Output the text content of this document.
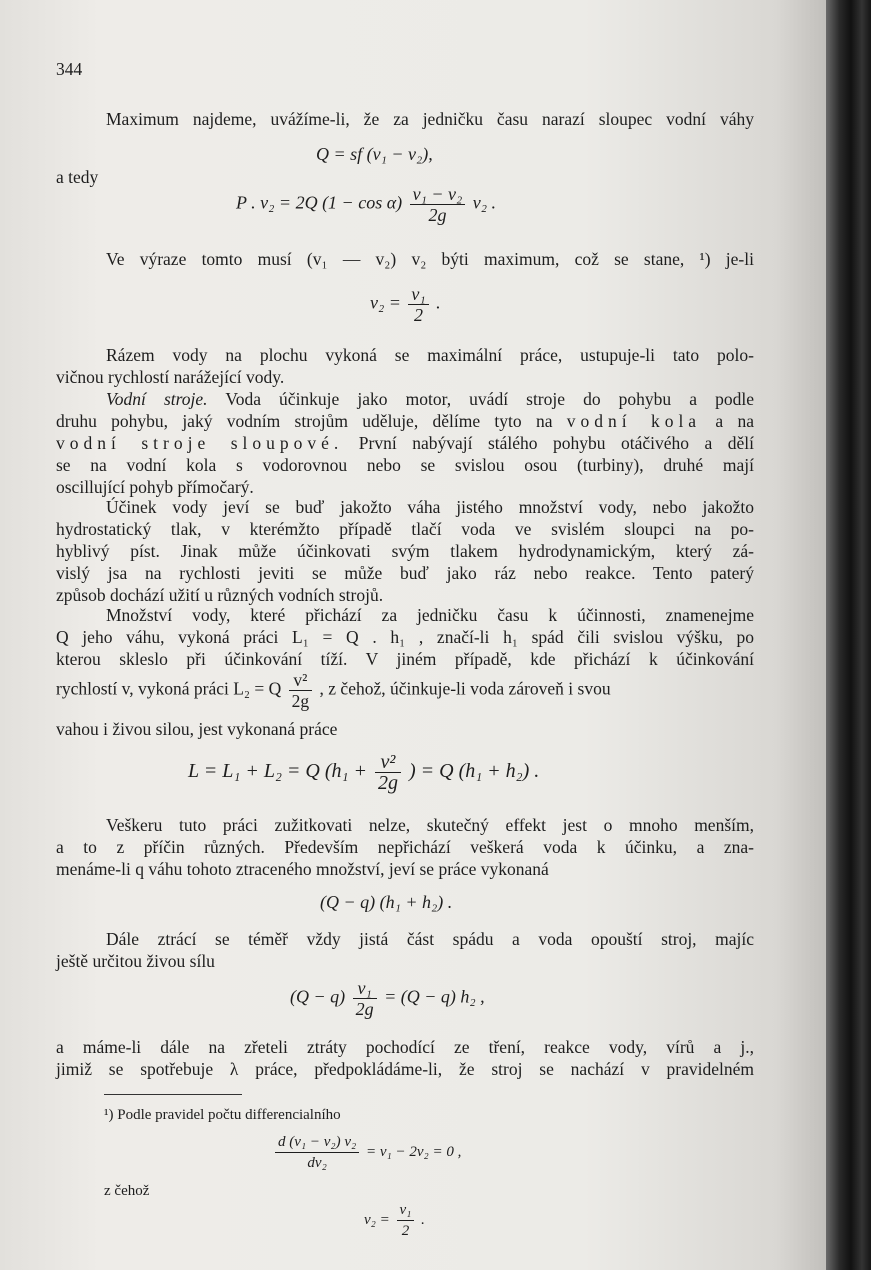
344
Maximum najdeme, uvážíme-li, že za jedničku času narazí sloupec vodní váhy
Q = sf (v₁ − v₂),
a tedy
P . v₂ = 2Q $(1 - \cos \alpha) \frac{\text{v₁ − v₂}}{2g} v_2$ .
Ve výraze tomto musí (v₁ — v₂) v₂ býti maximum, což se stane, ¹) je-li
$v_2 = \frac{\text{v₁}}{2}$ .
Rázem vody na plochu vykoná se maximální práce, ustupuje-li tato polo-
vičnou rychlostí narážející vody.
Vodní stroje. Voda účinkuje jako motor, uvádí stroje do pohybu a podle
druhu pohybu, jaký vodním strojům uděluje, dělíme tyto na vodní kola a na
vodní stroje sloupové. První nabývají stálého pohybu otáčivého a dělí
se na vodní kola s vodorovnou nebo se svislou osou (turbiny), druhé mají
oscillující pohyb přímočarý.
Účinek vody jeví se buď jakožto váha jistého množství vody, nebo jakožto
hydrostatický tlak, v kterémžto případě tlačí voda ve svislém sloupci na po-
hyblivý píst. Jinak může účinkovati svým tlakem hydrodynamickým, který zá-
vislý jsa na rychlosti jeviti se může buď jako ráz nebo reakce. Tento paterý
způsob dochází užití u různých vodních strojů.
Množství vody, které přichází za jedničku času k účinnosti, znamenejme
Q jeho váhu, vykoná práci L₁ = Q . h₁ , značí-li h₁ spád čili svislou výšku, po
kterou skleslo při účinkování tíží. V jiném případě, kde přichází k účinkování
rychlostí v, vykoná práci L₂ = Q $\frac{\text{v²}}{2g}$ , z čehož, účinkuje-li voda zároveň i svou
vahou i živou silou, jest vykonaná práce
L = L₁ + L₂ = Q ($h_1 + \frac{\text{v²}}{2g}$ ) = Q (h₁ + h₂) .
Veškeru tuto práci zužitkovati nelze, skutečný effekt jest o mnoho menším,
a to z příčin různých. Především nepřichází veškerá voda k účinku, a zna-
menáme-li q váhu tohoto ztraceného množství, jeví se práce vykonaná
(Q − q) (h₁ + h₂) .
Dále ztrácí se téměř vždy jistá část spádu a voda opouští stroj, majíc
ještě určitou živou sílu
$(Q - q) \frac{\text{v₁}}{2g} = (Q - q)$ h₂ ,
a máme-li dále na zřeteli ztráty pochodící ze tření, reakce vody, vírů a j.,
jimiž se spotřebuje λ práce, předpokládáme-li, že stroj se nachází v pravidelném
¹) Podle pravidel počtu differencialního
$\frac{\text{d (v₁ − v₂) v₂}}{\text{dv₂}} = v_1 - 2v_2 = 0$ ,
z čehož
$v_2 = \frac{\text{v₁}}{2}$ .
